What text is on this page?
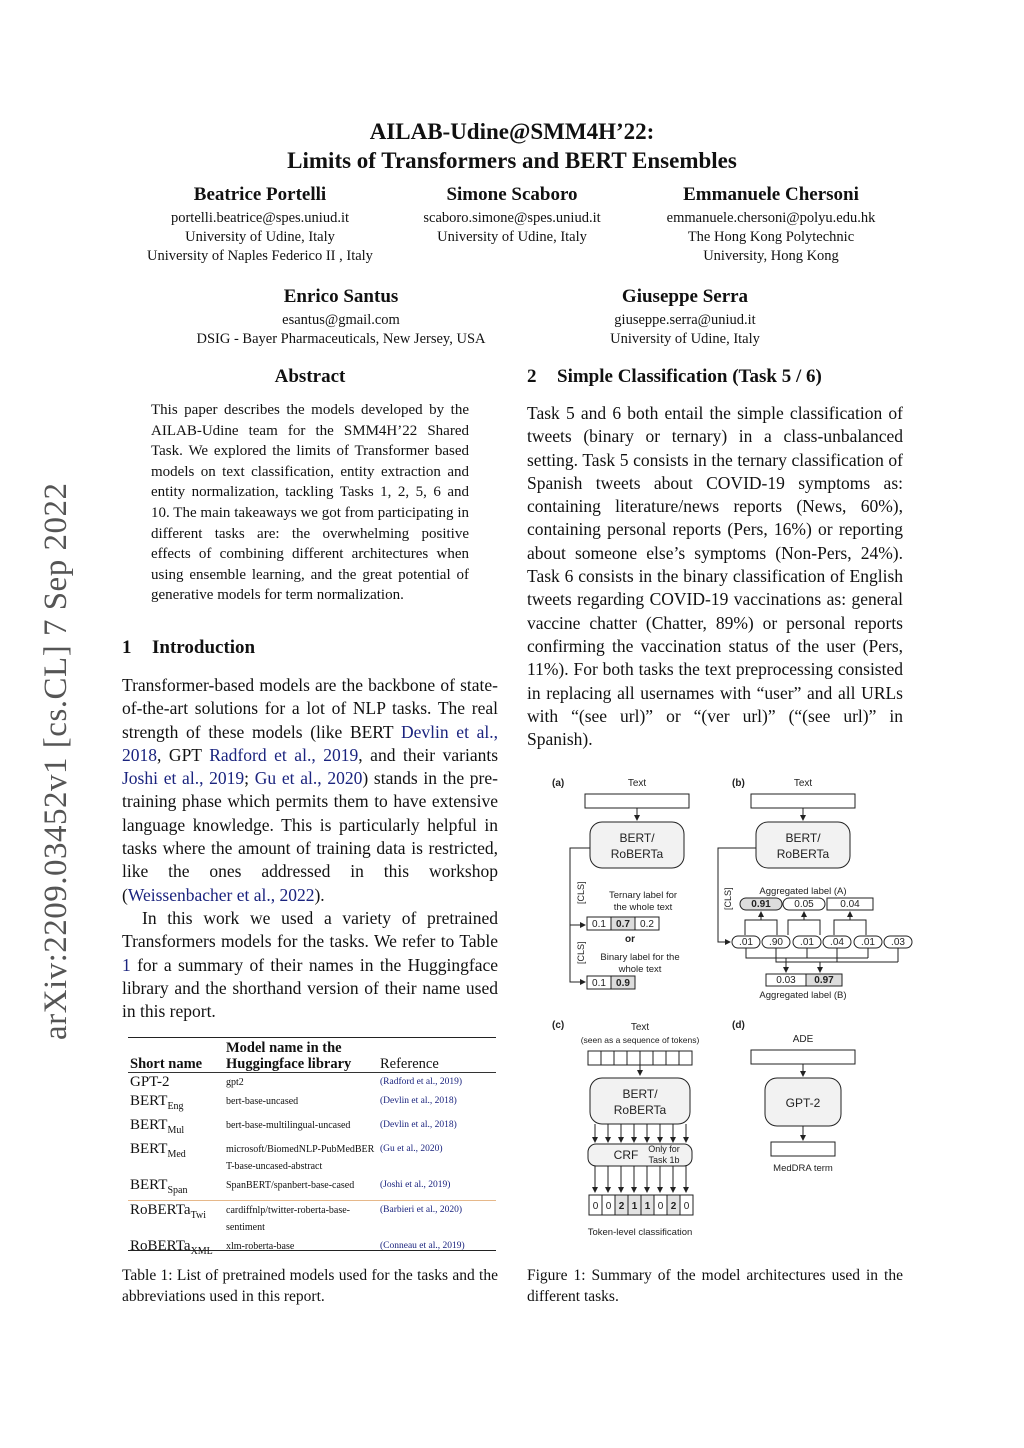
arXiv:2209.03452v1 [cs.CL] 7 Sep 2022
AILAB-Udine@SMM4H’22:
Limits of Transformers and BERT Ensembles
Beatrice Portelli
portelli.beatrice@spes.uniud.it
University of Udine, Italy
University of Naples Federico II , Italy
Simone Scaboro
scaboro.simone@spes.uniud.it
University of Udine, Italy
Emmanuele Chersoni
emmanuele.chersoni@polyu.edu.hk
The Hong Kong Polytechnic
University, Hong Kong
Enrico Santus
esantus@gmail.com
DSIG - Bayer Pharmaceuticals, New Jersey, USA
Giuseppe Serra
giuseppe.serra@uniud.it
University of Udine, Italy
Abstract
This paper describes the models developed by the AILAB-Udine team for the SMM4H’22 Shared Task. We explored the limits of Transformer based models on text classification, entity extraction and entity normalization, tackling Tasks 1, 2, 5, 6 and 10. The main takeaways we got from participating in different tasks are: the overwhelming positive effects of combining different architectures when using ensemble learning, and the great potential of generative models for term normalization.
1 Introduction

Transformer-based models are the backbone of state-of-the-art solutions for a lot of NLP tasks. The real strength of these models (like BERT Devlin et al., 2018, GPT Radford et al., 2019, and their variants Joshi et al., 2019; Gu et al., 2020) stands in the pre-training phase which permits them to have extensive language knowledge. This is particularly helpful in tasks where the amount of training data is restricted, like the ones addressed in this workshop (Weissenbacher et al., 2022).

In this work we used a variety of pretrained Transformers models for the tasks. We refer to Table 1 for a summary of their names in the Huggingface library and the shorthand version of their name used in this report.

Short name	Model name in the
Huggingface library	Reference
GPT-2	gpt2	(Radford et al., 2019)
$BERT_{Eng}$	bert-base-uncased	(Devlin et al., 2018)
$BERT_{Mul}$	bert-base-multilingual-uncased	(Devlin et al., 2018)
$BERT_{Med}$	microsoft/BiomedNLP-PubMedBERT-base-uncased-abstract	(Gu et al., 2020)
$BERT_{Span}$	SpanBERT/spanbert-base-cased	(Joshi et al., 2019)
RoBERTa$_{Twi}$	cardiffnlp/twitter-roberta-base-sentiment	(Barbieri et al., 2020)
RoBERTa$_{XML}$	xlm-roberta-base	(Conneau et al., 2019)
Table 1: List of pretrained models used for the tasks and the abbreviations used in this report.
2 Simple Classification (Task 5 / 6)
Task 5 and 6 both entail the simple classification of tweets (binary or ternary) in a class-unbalanced setting. Task 5 consists in the ternary classification of Spanish tweets about COVID-19 symptoms as: containing literature/news reports (News, 60%), containing personal reports (Pers, 16%) or reporting about someone else’s symptoms (Non-Pers, 24%). Task 6 consists in the binary classification of English tweets regarding COVID-19 vaccinations as: general vaccine chatter (Chatter, 89%) or personal reports confirming the vaccination status of the user (Pers, 11%). For both tasks the text preprocessing consisted in replacing all usernames with “user” and all URLs with “(see url)” or “(ver url)” (“(see url)” in Spanish).
(a)	Text
BERT/
RoBERTa
[CLS]
[CLS]
Ternary label for
the whole text
0.1 0.7 0.2
or
Binary label for the
whole text
0.1 0.9
(b)	Text
BERT/
RoBERTa
[CLS]	Aggregated label (A)
0.91 0.05	0.04
.01 .90 .01 .04 .01 .03
0.03 0.97
Aggregated label (B)
(c)	Text
(seen as a sequence of tokens)
BERT/
RoBERTa
CRF Only for
Task 1b
0 0 2 1 1 0 2 0
Token-level classification
(d)
ADE
GPT-2
MedDRA term
Figure 1: Summary of the model architectures used in the different tasks.
